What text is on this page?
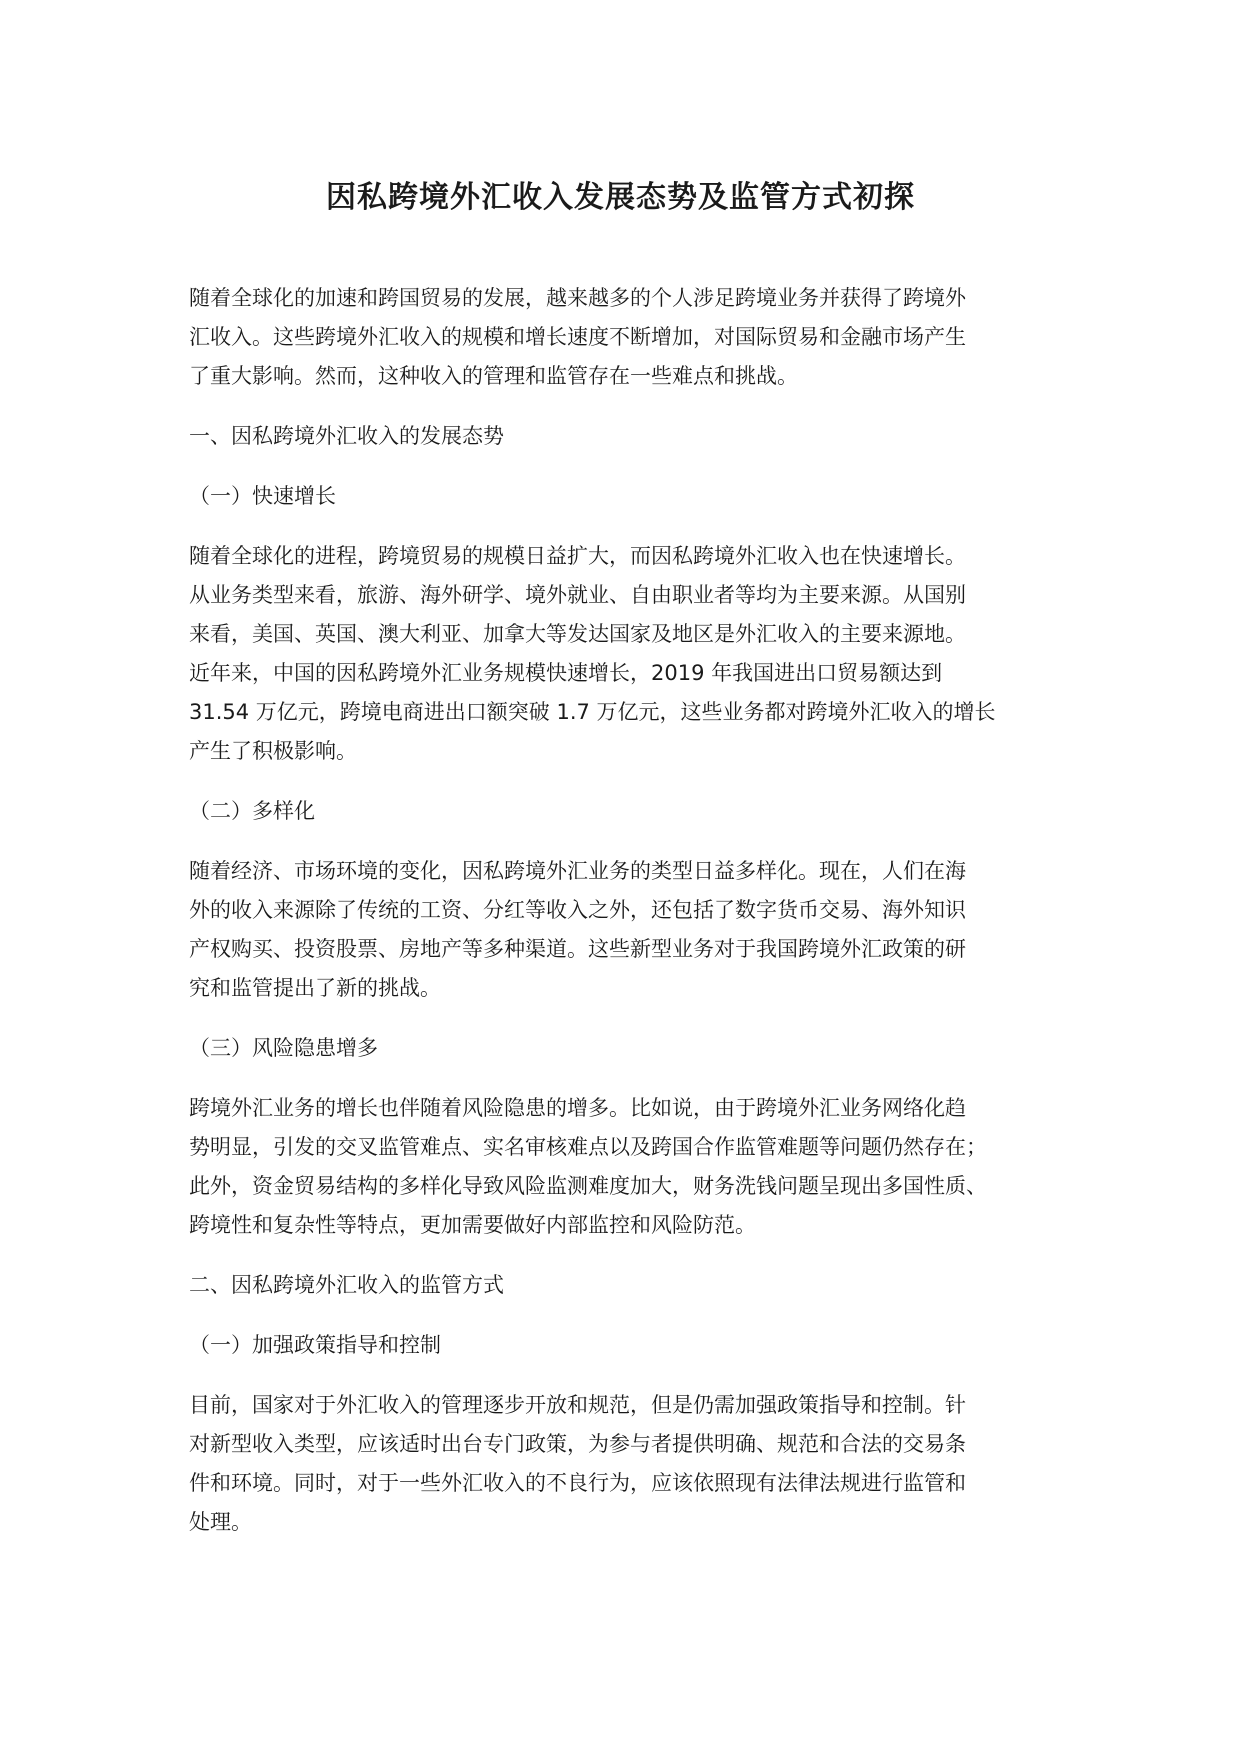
因私跨境外汇收入发展态势及监管方式初探

随着全球化的加速和跨国贸易的发展，越来越多的个人涉足跨境业务并获得了跨境外

汇收入。这些跨境外汇收入的规模和增长速度不断增加，对国际贸易和金融市场产生

了重大影响。然而，这种收入的管理和监管存在一些难点和挑战。

一、因私跨境外汇收入的发展态势

（一）快速增长

随着全球化的进程，跨境贸易的规模日益扩大，而因私跨境外汇收入也在快速增长。

从业务类型来看，旅游、海外研学、境外就业、自由职业者等均为主要来源。从国别

来看，美国、英国、澳大利亚、加拿大等发达国家及地区是外汇收入的主要来源地。

近年来，中国的因私跨境外汇业务规模快速增长，2019 年我国进出口贸易额达到

31.54 万亿元，跨境电商进出口额突破 1.7 万亿元，这些业务都对跨境外汇收入的增长

产生了积极影响。

（二）多样化

随着经济、市场环境的变化，因私跨境外汇业务的类型日益多样化。现在，人们在海

外的收入来源除了传统的工资、分红等收入之外，还包括了数字货币交易、海外知识

产权购买、投资股票、房地产等多种渠道。这些新型业务对于我国跨境外汇政策的研

究和监管提出了新的挑战。

（三）风险隐患增多

跨境外汇业务的增长也伴随着风险隐患的增多。比如说，由于跨境外汇业务网络化趋

势明显，引发的交叉监管难点、实名审核难点以及跨国合作监管难题等问题仍然存在；

此外，资金贸易结构的多样化导致风险监测难度加大，财务洗钱问题呈现出多国性质、

跨境性和复杂性等特点，更加需要做好内部监控和风险防范。

二、因私跨境外汇收入的监管方式

（一）加强政策指导和控制

目前，国家对于外汇收入的管理逐步开放和规范，但是仍需加强政策指导和控制。针

对新型收入类型，应该适时出台专门政策，为参与者提供明确、规范和合法的交易条

件和环境。同时，对于一些外汇收入的不良行为，应该依照现有法律法规进行监管和

处理。
